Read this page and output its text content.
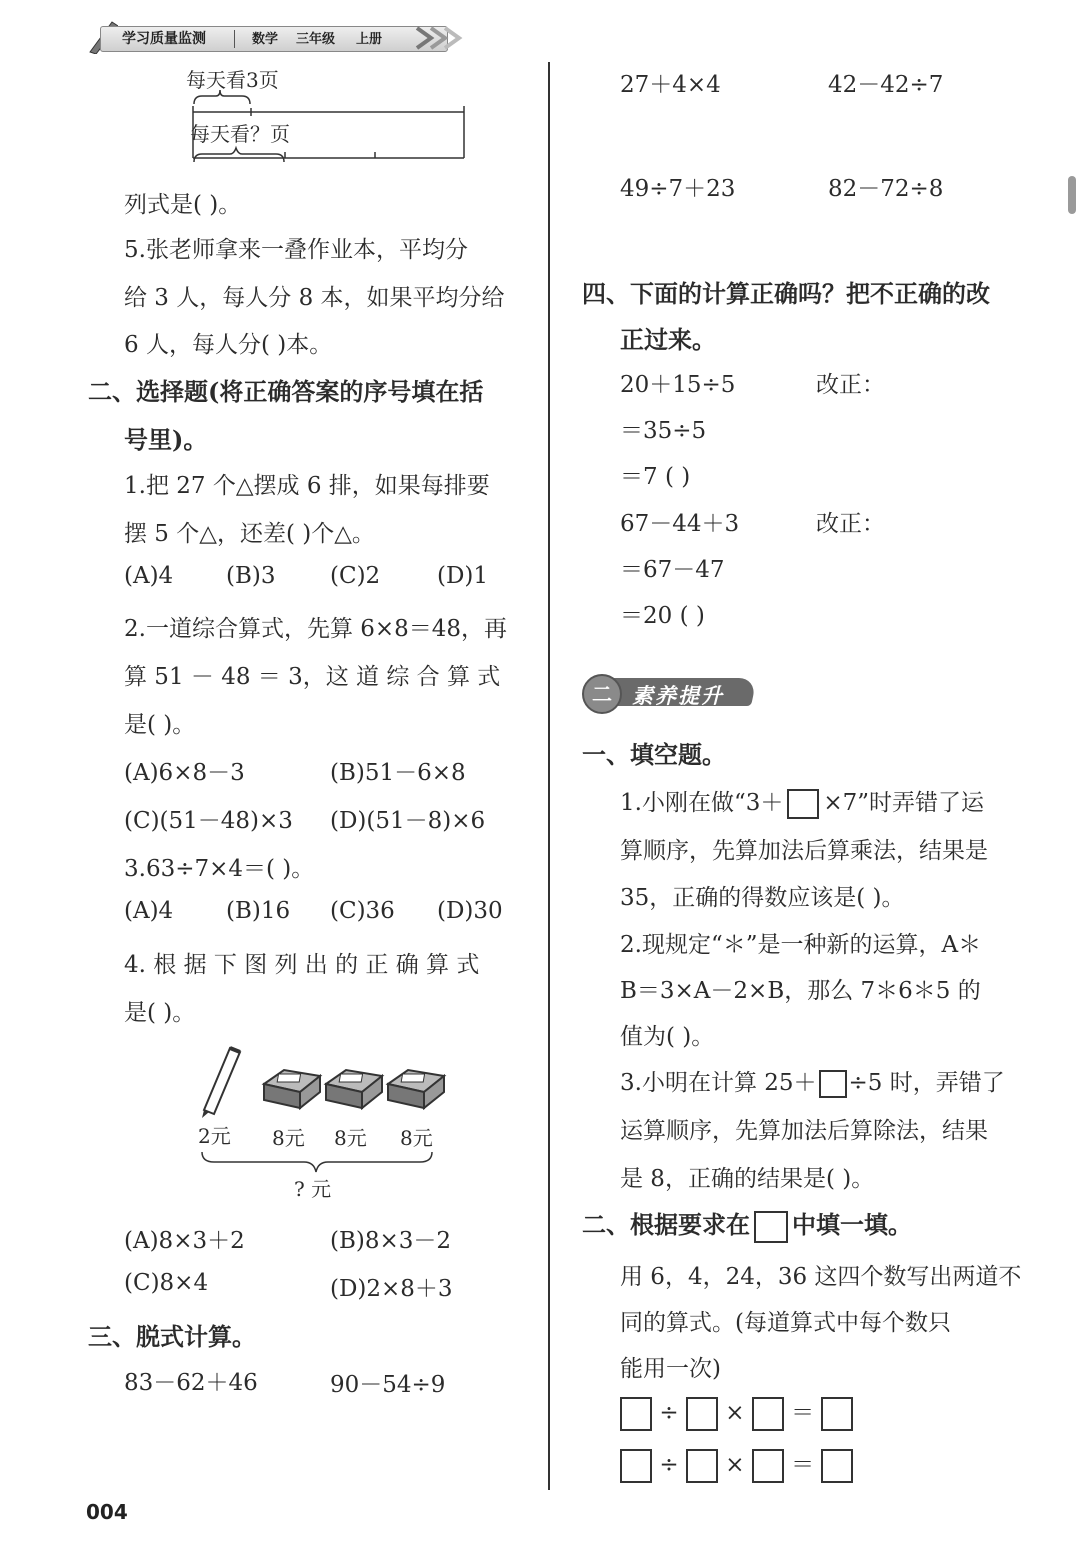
学习质量监测	数学 三年级 上册
每天看3页
每天看？页
列式是( )。
5.张老师拿来一叠作业本，平均分
给 3 人，每人分 8 本，如果平均分给
6 人，每人分( )本。
二、选择题(将正确答案的序号填在括
号里)。
1.把 27 个△摆成 6 排，如果每排要
摆 5 个△，还差( )个△。
(A)4 (B)3 (C)2 (D)1
2.一道综合算式，先算 6×8＝48，再
算 51 － 48 ＝ 3，这 道 综 合 算 式
是( )。
(A)6×8－3	(B)51－6×8
(C)(51－48)×3 (D)(51－8)×6
3.63÷7×4＝( )。
(A)4 (B)16 (C)36 (D)30
4. 根 据 下 图 列 出 的 正 确 算 式
是( )。
2元 8元 8元 8元
? 元
(A)8×3＋2	(B)8×3－2
(C)8×4	(D)2×8＋3
三、脱式计算。
83－62＋46	90－54÷9
004
27＋4×4	42－42÷7
49÷7＋23	82－72÷8
四、下面的计算正确吗？把不正确的改
正过来。
20＋15÷5	改正：
＝35÷5
＝7 ( )
67－44＋3	改正：
＝67－47
＝20 ( )
二 素养提升
一、填空题。
1.小刚在做“3＋ ×7”时弄错了运
算顺序，先算加法后算乘法，结果是
35，正确的得数应该是( )。
2.现规定“＊”是一种新的运算，A＊
B＝3×A－2×B，那么 7＊6＊5 的
值为( )。
3.小明在计算 25＋ ÷5 时，弄错了
运算顺序，先算加法后算除法，结果
是 8，正确的结果是( )。
二、根据要求在 中填一填。
用 6，4，24，36 这四个数写出两道不
同的算式。(每道算式中每个数只
能用一次)
÷ × ＝
÷ × ＝
